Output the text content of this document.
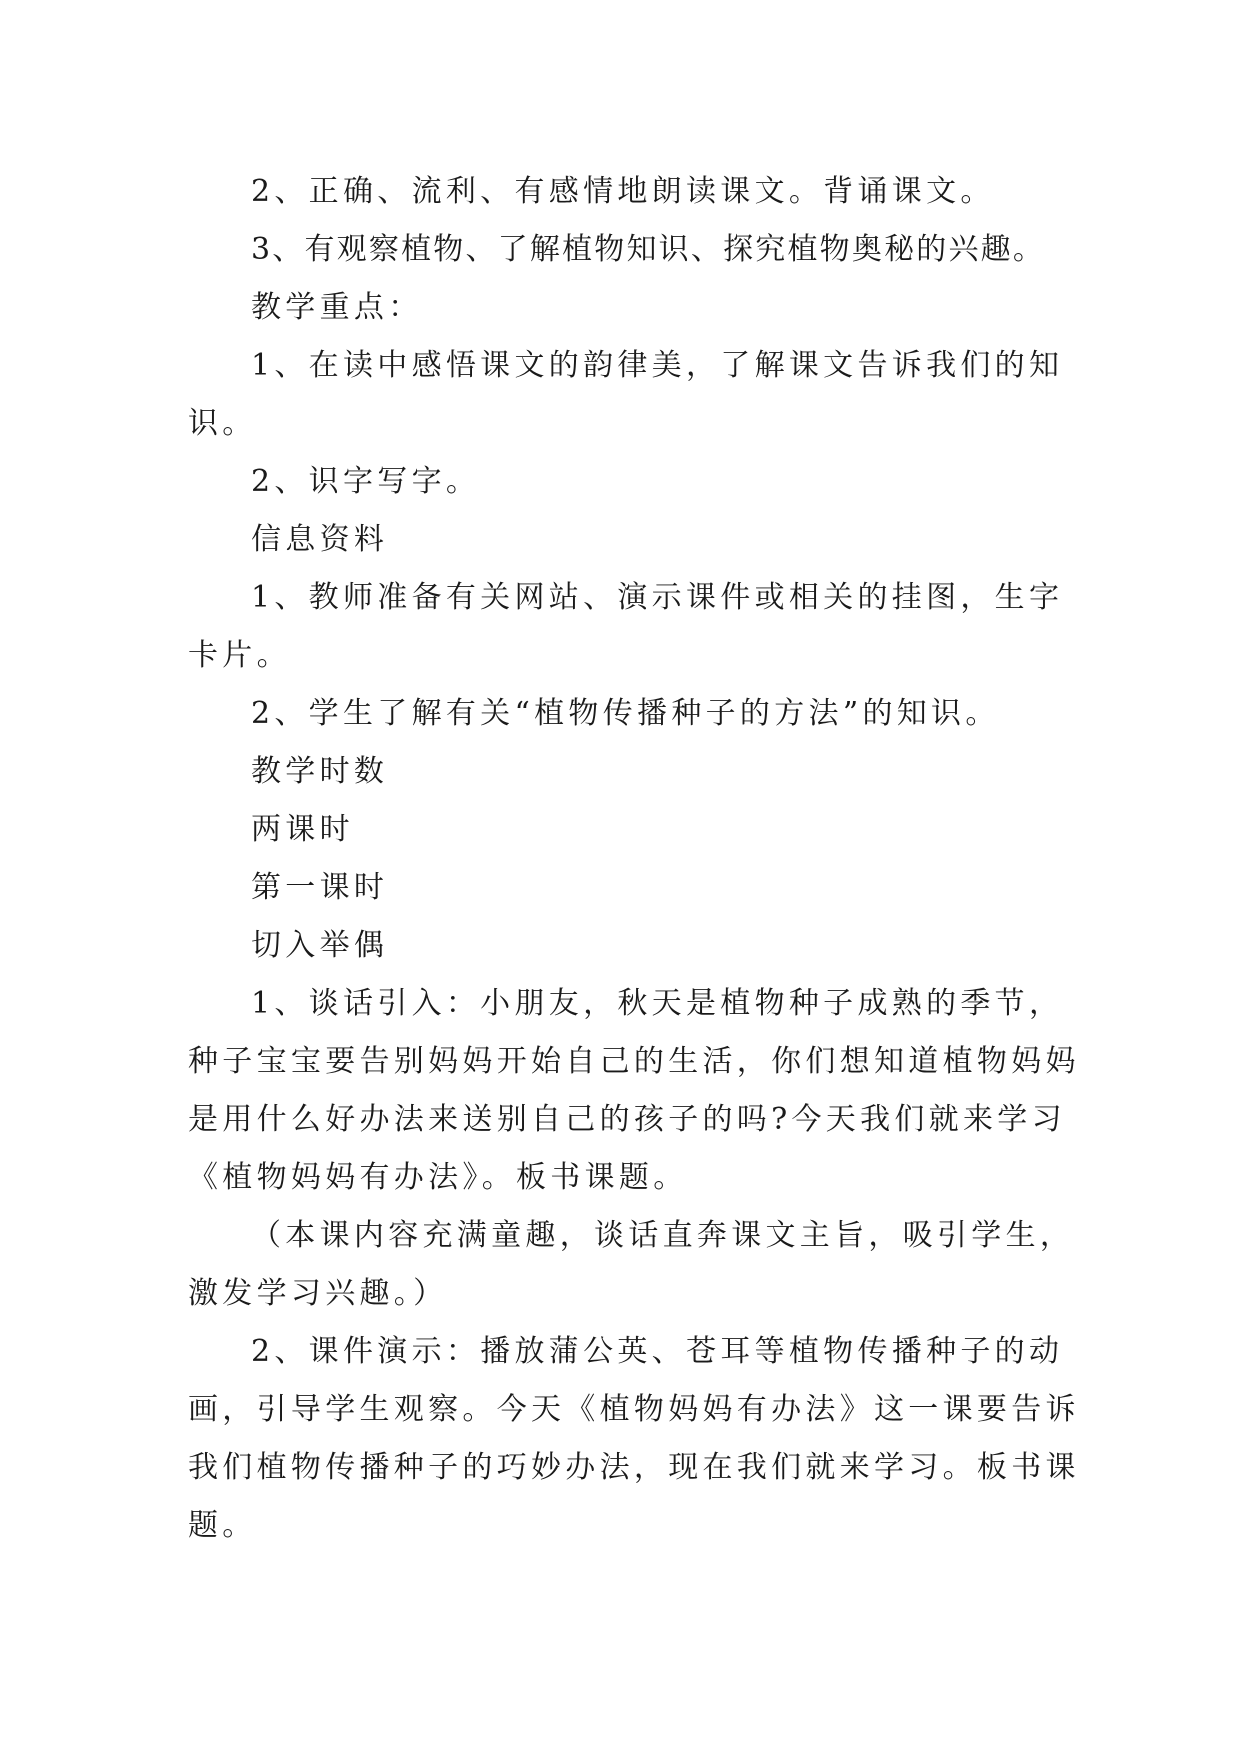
2、正确、流利、有感情地朗读课文。背诵课文。
3、有观察植物、了解植物知识、探究植物奥秘的兴趣。
教学重点：
1、在读中感悟课文的韵律美，了解课文告诉我们的知
识。
2、识字写字。
信息资料
1、教师准备有关网站、演示课件或相关的挂图，生字
卡片。
2、学生了解有关“植物传播种子的方法”的知识。
教学时数
两课时
第一课时
切入举偶
1、谈话引入：小朋友，秋天是植物种子成熟的季节，
种子宝宝要告别妈妈开始自己的生活，你们想知道植物妈妈
是用什么好办法来送别自己的孩子的吗?今天我们就来学习
《植物妈妈有办法》。板书课题。
（本课内容充满童趣，谈话直奔课文主旨，吸引学生，
激发学习兴趣。）
2、课件演示：播放蒲公英、苍耳等植物传播种子的动
画，引导学生观察。今天《植物妈妈有办法》这一课要告诉
我们植物传播种子的巧妙办法，现在我们就来学习。板书课
题。
